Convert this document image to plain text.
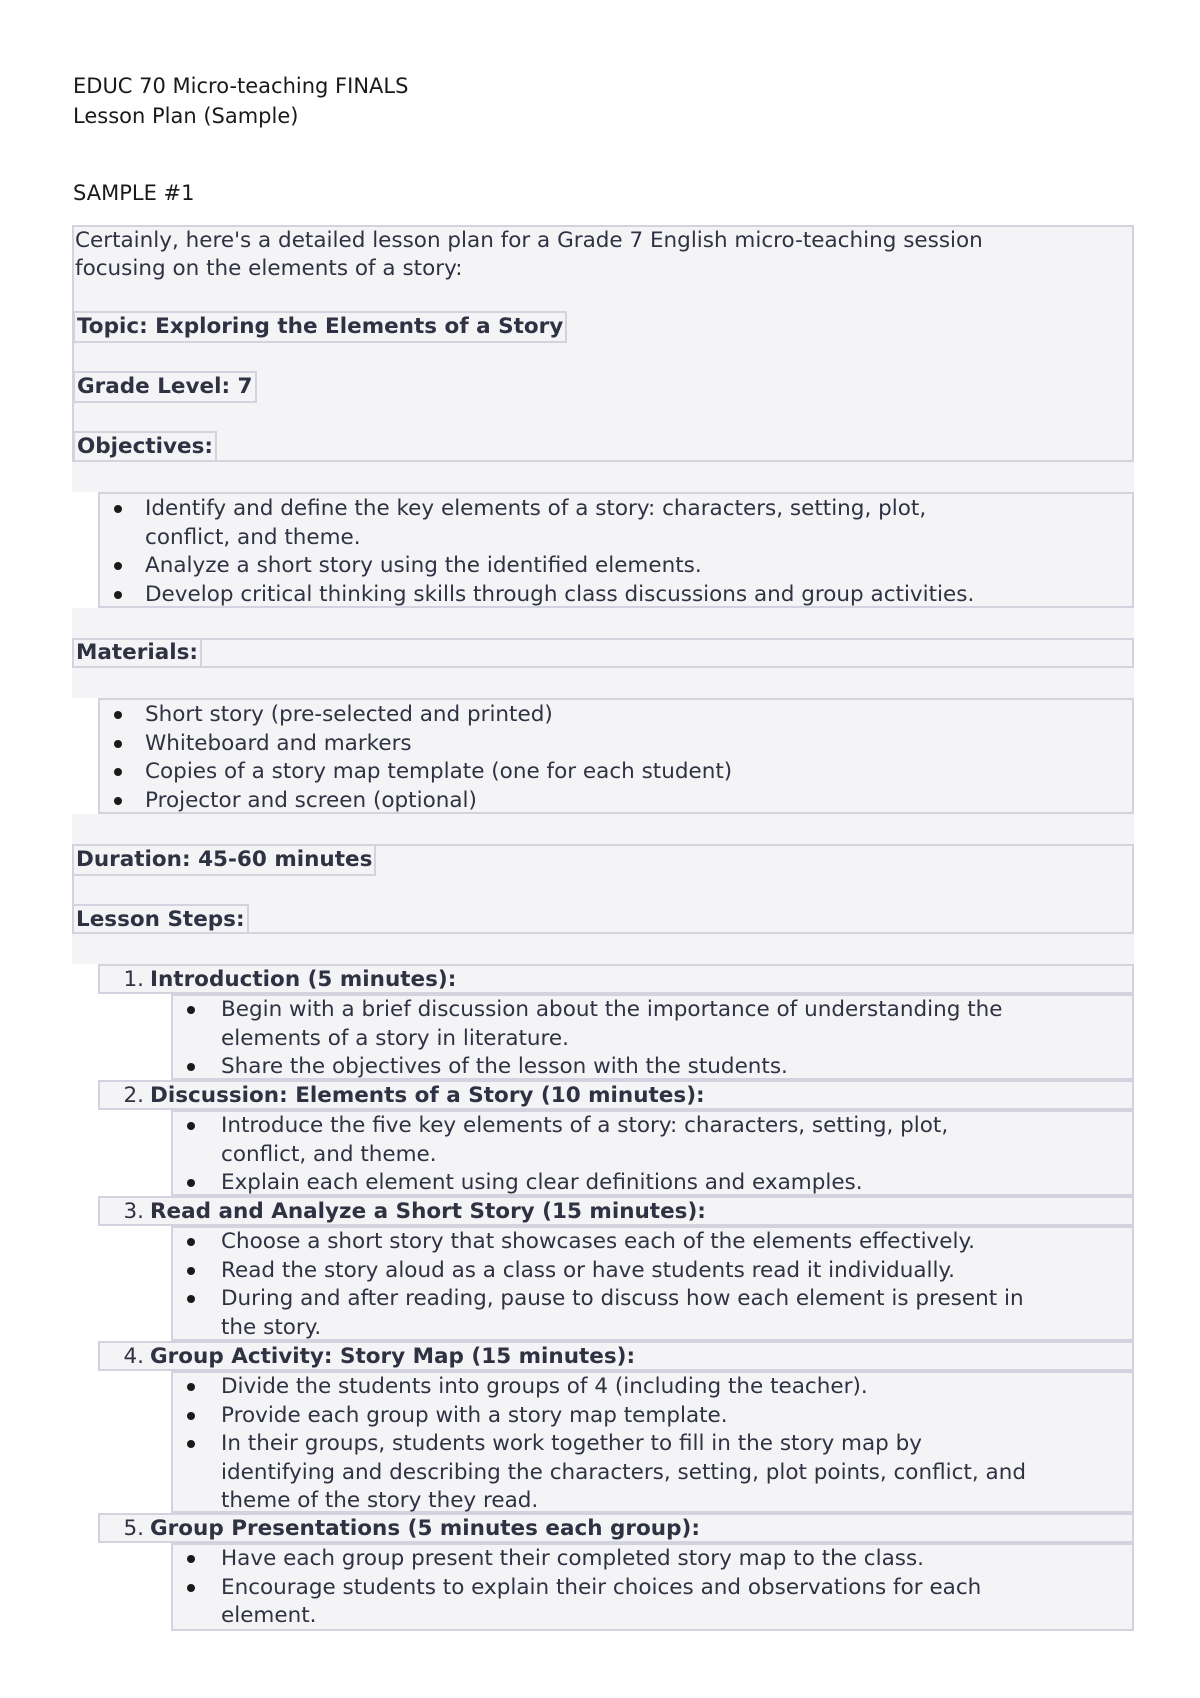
EDUC 70 Micro-teaching FINALS
Lesson Plan (Sample)
SAMPLE #1
Certainly, here's a detailed lesson plan for a Grade 7 English micro-teaching session
focusing on the elements of a story:
Topic: Exploring the Elements of a Story
Grade Level: 7
Objectives:
Identify and define the key elements of a story: characters, setting, plot,
conflict, and theme.
Analyze a short story using the identified elements.
Develop critical thinking skills through class discussions and group activities.
Materials:
Short story (pre-selected and printed)
Whiteboard and markers
Copies of a story map template (one for each student)
Projector and screen (optional)
Duration: 45-60 minutes
Lesson Steps:
1. Introduction (5 minutes):
Begin with a brief discussion about the importance of understanding the
elements of a story in literature.
Share the objectives of the lesson with the students.
2. Discussion: Elements of a Story (10 minutes):
Introduce the five key elements of a story: characters, setting, plot,
conflict, and theme.
Explain each element using clear definitions and examples.
3. Read and Analyze a Short Story (15 minutes):
Choose a short story that showcases each of the elements effectively.
Read the story aloud as a class or have students read it individually.
During and after reading, pause to discuss how each element is present in
the story.
4. Group Activity: Story Map (15 minutes):
Divide the students into groups of 4 (including the teacher).
Provide each group with a story map template.
In their groups, students work together to fill in the story map by
identifying and describing the characters, setting, plot points, conflict, and
theme of the story they read.
5. Group Presentations (5 minutes each group):
Have each group present their completed story map to the class.
Encourage students to explain their choices and observations for each
element.
